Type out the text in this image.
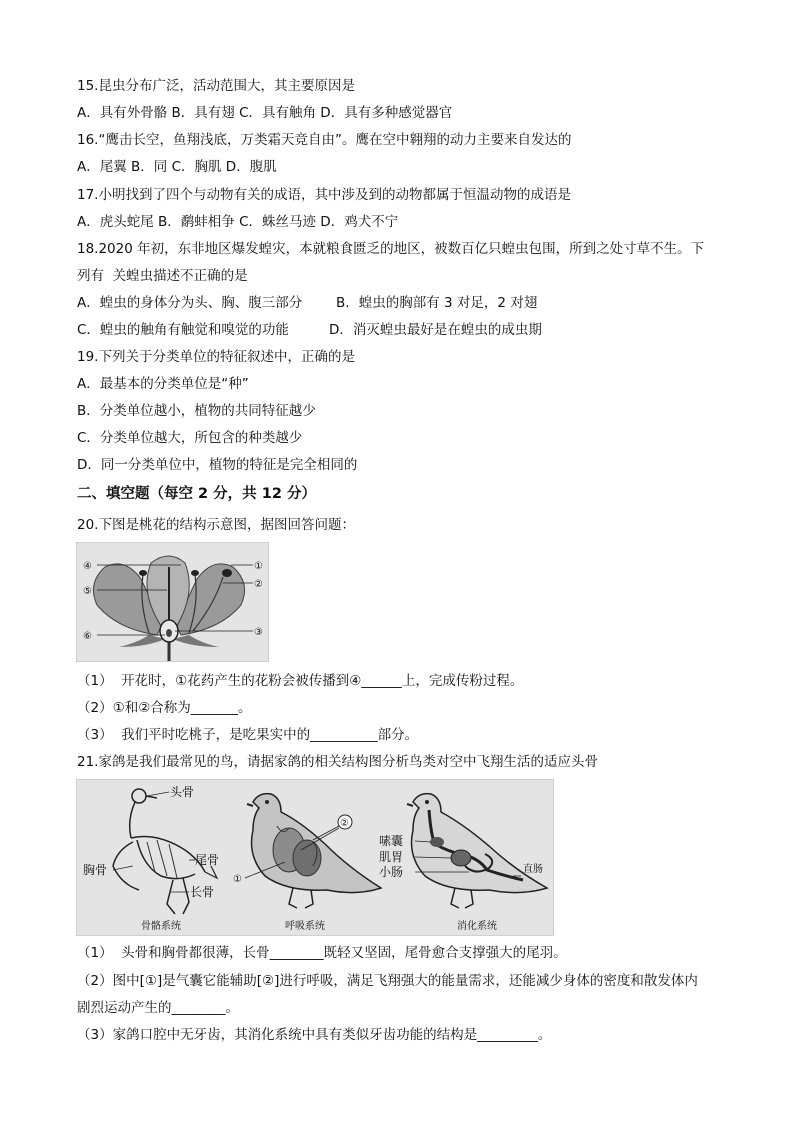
15.昆虫分布广泛，活动范围大，其主要原因是
A．具有外骨骼 B．具有翅 C．具有触角 D．具有多种感觉器官
16.“鹰击长空，鱼翔浅底，万类霜天竞自由”。鹰在空中翱翔的动力主要来自发达的
A．尾翼 B．同 C．胸肌 D．腹肌
17.小明找到了四个与动物有关的成语，其中涉及到的动物都属于恒温动物的成语是
A．虎头蛇尾 B．鹬蚌相争 C．蛛丝马迹 D．鸡犬不宁
18.2020 年初，东非地区爆发蝗灾，本就粮食匮乏的地区，被数百亿只蝗虫包围，所到之处寸草不生。下
列有  关蝗虫描述不正确的是
A．蝗虫的身体分为头、胸、腹三部分	B．蝗虫的胸部有 3 对足，2 对翅
C．蝗虫的触角有触觉和嗅觉的功能	D．消灭蝗虫最好是在蝗虫的成虫期
19.下列关于分类单位的特征叙述中，正确的是
A．最基本的分类单位是“种”
B．分类单位越小，植物的共同特征越少
C．分类单位越大，所包含的种类越少
D．同一分类单位中，植物的特征是完全相同的
二、填空题（每空 2 分，共 12 分）
20.下图是桃花的结构示意图，据图回答问题：
④
⑤
⑥
①
②
③
（1）  开花时，①花药产生的花粉会被传播到④______上，完成传粉过程。
（2）①和②合称为_______。
（3）  我们平时吃桃子，是吃果实中的__________部分。
21.家鸽是我们最常见的鸟，请据家鸽的相关结构图分析鸟类对空中飞翔生活的适应头骨
头骨
尾骨
胸骨
长骨
骨骼系统
②
①
呼吸系统
嗉囊
肌胃
小肠	直肠
消化系统
（1）  头骨和胸骨都很薄，长骨________既轻又坚固，尾骨愈合支撑强大的尾羽。
（2）图中[①]是气囊它能辅助[②]进行呼吸，满足飞翔强大的能量需求，还能减少身体的密度和散发体内
剧烈运动产生的________。
（3）家鸽口腔中无牙齿，其消化系统中具有类似牙齿功能的结构是_________。
